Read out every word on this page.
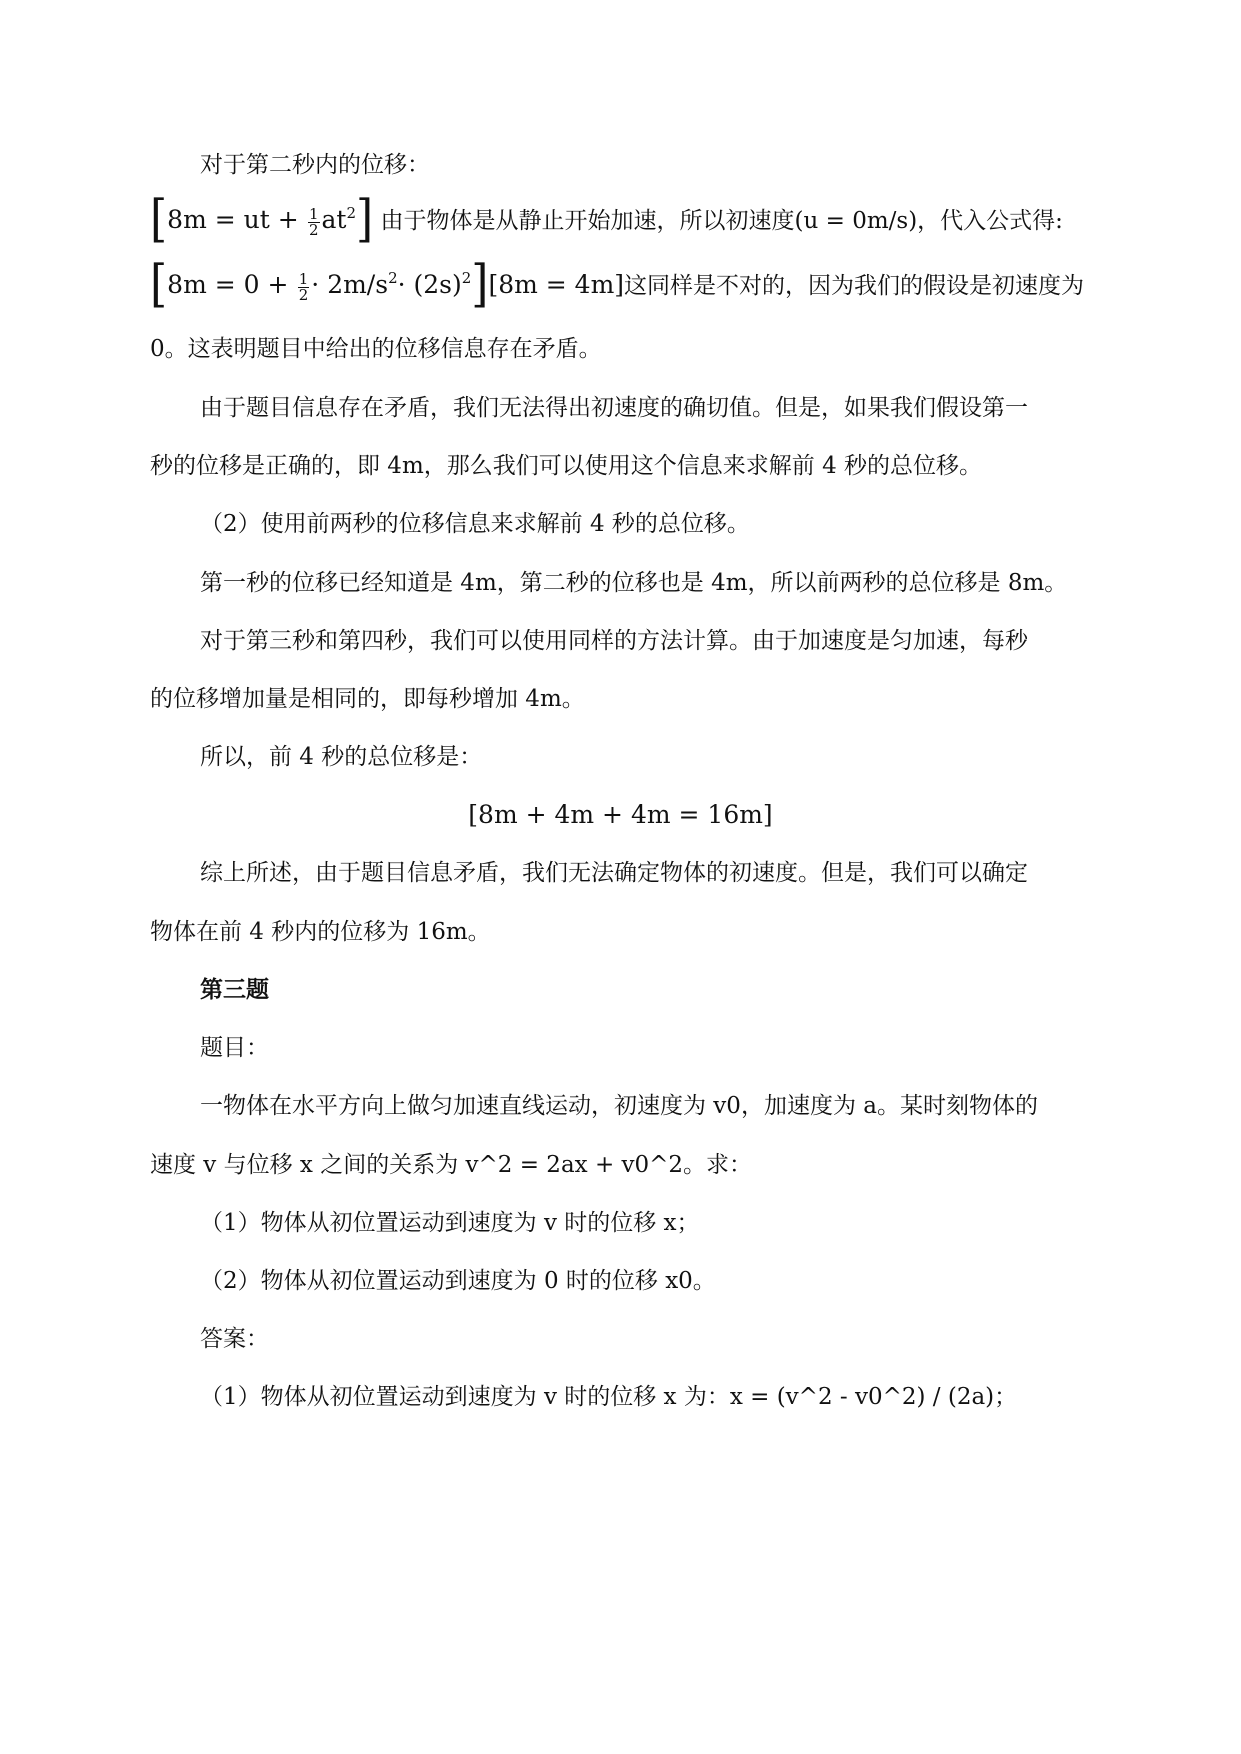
对于第二秒内的位移：
[8m = ut + $\frac{1}{2} at^2$] 由于物体是从静止开始加速，所以初速度(u = 0m/s)，代入公式得:
$[8m = 0 + \frac{1}{2} \cdot 2m/s^2\cdot (2s)^2][8m = 4m]$这同样是不对的，因为我们的假设是初速度为
0。这表明题目中给出的位移信息存在矛盾。
由于题目信息存在矛盾，我们无法得出初速度的确切值。但是，如果我们假设第一
秒的位移是正确的，即 4m，那么我们可以使用这个信息来求解前 4 秒的总位移。
（2）使用前两秒的位移信息来求解前 4 秒的总位移。
第一秒的位移已经知道是 4m，第二秒的位移也是 4m，所以前两秒的总位移是 8m。
对于第三秒和第四秒，我们可以使用同样的方法计算。由于加速度是匀加速，每秒
的位移增加量是相同的，即每秒增加 4m。
所以，前 4 秒的总位移是：
[8m + 4m + 4m = 16m]
综上所述，由于题目信息矛盾，我们无法确定物体的初速度。但是，我们可以确定
物体在前 4 秒内的位移为 16m。
第三题
题目：
一物体在水平方向上做匀加速直线运动，初速度为 v0，加速度为 a。某时刻物体的
速度 v 与位移 x 之间的关系为 v^2 = 2ax + v0^2。求：
（1）物体从初位置运动到速度为 v 时的位移 x；
（2）物体从初位置运动到速度为 0 时的位移 x0。
答案：
（1）物体从初位置运动到速度为 v 时的位移 x 为：x = (v^2 - v0^2) / (2a)；
